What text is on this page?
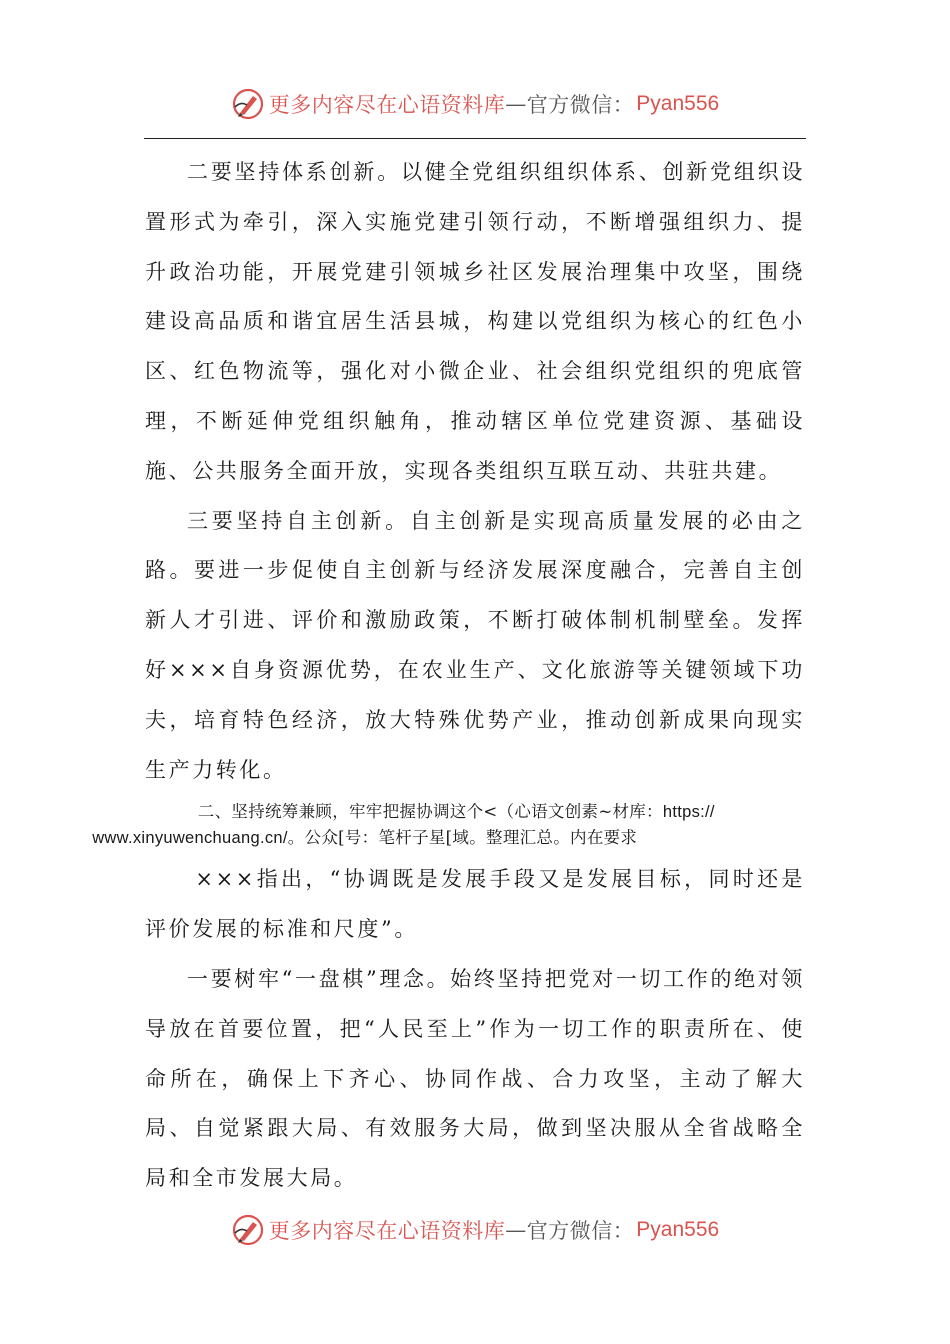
更多内容尽在心语资料库 — 官方微信： Pyan556

二要坚持体系创新。以健全党组织组织体系、创新党组织设置形式为牵引，深入实施党建引领行动，不断增强组织力、提升政治功能，开展党建引领城乡社区发展治理集中攻坚，围绕建设高品质和谐宜居生活县城，构建以党组织为核心的红色小区、红色物流等，强化对小微企业、社会组织党组织的兜底管理，不断延伸党组织触角，推动辖区单位党建资源、基础设施、公共服务全面开放，实现各类组织互联互动、共驻共建。

三要坚持自主创新。自主创新是实现高质量发展的必由之路。要进一步促使自主创新与经济发展深度融合，完善自主创新人才引进、评价和激励政策，不断打破体制机制壁垒。发挥好×××自身资源优势，在农业生产、文化旅游等关键领域下功夫，培育特色经济，放大特殊优势产业，推动创新成果向现实生产力转化。

二、坚持统筹兼顾，牢牢把握协调这个<（心语文创素~材库：https://
www.xinyuwenchuang.cn/。公众[号：笔杆子星[域。整理汇总。内在要求

×××指出，“协调既是发展手段又是发展目标，同时还是评价发展的标准和尺度”。

一要树牢“一盘棋”理念。始终坚持把党对一切工作的绝对领导放在首要位置，把“人民至上”作为一切工作的职责所在、使命所在，确保上下齐心、协同作战、合力攻坚，主动了解大局、自觉紧跟大局、有效服务大局，做到坚决服从全省战略全局和全市发展大局。

更多内容尽在心语资料库 — 官方微信： Pyan556
